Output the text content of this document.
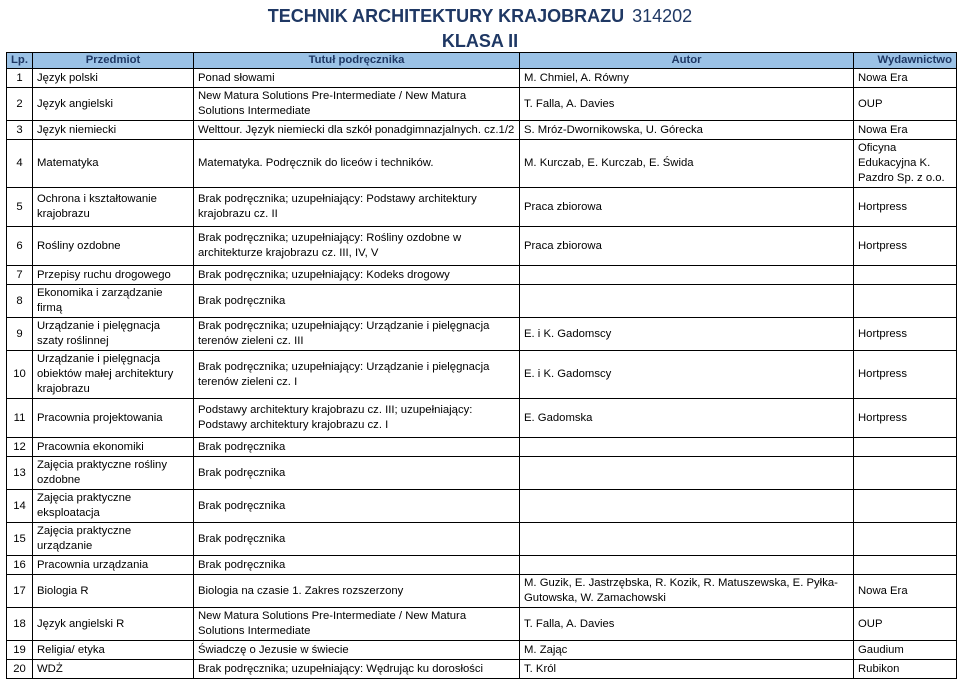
TECHNIK ARCHITEKTURY KRAJOBRAZU 314202
KLASA II
Lp.	Przedmiot	Tutuł podręcznika	Autor	Wydawnictwo
1	Język polski	Ponad słowami	M. Chmiel, A. Równy	Nowa Era
2	Język angielski	New Matura Solutions Pre-Intermediate / New Matura Solutions Intermediate	T. Falla, A. Davies	OUP
3	Język niemiecki	Welttour. Język niemiecki dla szkół ponadgimnazjalnych. cz.1/2	S. Mróz-Dwornikowska, U. Górecka	Nowa Era
4	Matematyka	Matematyka. Podręcznik do liceów i techników.	M. Kurczab, E. Kurczab, E. Świda	Oficyna Edukacyjna K. Pazdro Sp. z o.o.
5	Ochrona i kształtowanie krajobrazu	Brak podręcznika; uzupełniający: Podstawy architektury krajobrazu cz. II	Praca zbiorowa	Hortpress
6	Rośliny ozdobne	Brak podręcznika; uzupełniający: Rośliny ozdobne w architekturze krajobrazu cz. III, IV, V	Praca zbiorowa	Hortpress
7	Przepisy ruchu drogowego	Brak podręcznika; uzupełniający: Kodeks drogowy		
8	Ekonomika i zarządzanie firmą	Brak podręcznika		
9	Urządzanie i pielęgnacja szaty roślinnej	Brak podręcznika; uzupełniający: Urządzanie i pielęgnacja terenów zieleni cz. III	E. i K. Gadomscy	Hortpress
10	Urządzanie i pielęgnacja obiektów małej architektury krajobrazu	Brak podręcznika; uzupełniający: Urządzanie i pielęgnacja terenów zieleni cz. I	E. i K. Gadomscy	Hortpress
11	Pracownia projektowania	Podstawy architektury krajobrazu cz. III; uzupełniający: Podstawy architektury krajobrazu cz. I	E. Gadomska	Hortpress
12	Pracownia ekonomiki	Brak podręcznika		
13	Zajęcia praktyczne rośliny ozdobne	Brak podręcznika		
14	Zajęcia praktyczne eksploatacja	Brak podręcznika		
15	Zajęcia praktyczne urządzanie	Brak podręcznika		
16	Pracownia urządzania	Brak podręcznika		
17	Biologia R	Biologia na czasie 1. Zakres rozszerzony	M. Guzik, E. Jastrzębska, R. Kozik, R. Matuszewska, E. Pyłka-Gutowska, W. Zamachowski	Nowa Era
18	Język angielski R	New Matura Solutions Pre-Intermediate / New Matura Solutions Intermediate	T. Falla, A. Davies	OUP
19	Religia/ etyka	Świadczę o Jezusie w świecie	M. Zając	Gaudium
20	WDŻ	Brak podręcznika; uzupełniający: Wędrując ku dorosłości	T. Król	Rubikon
